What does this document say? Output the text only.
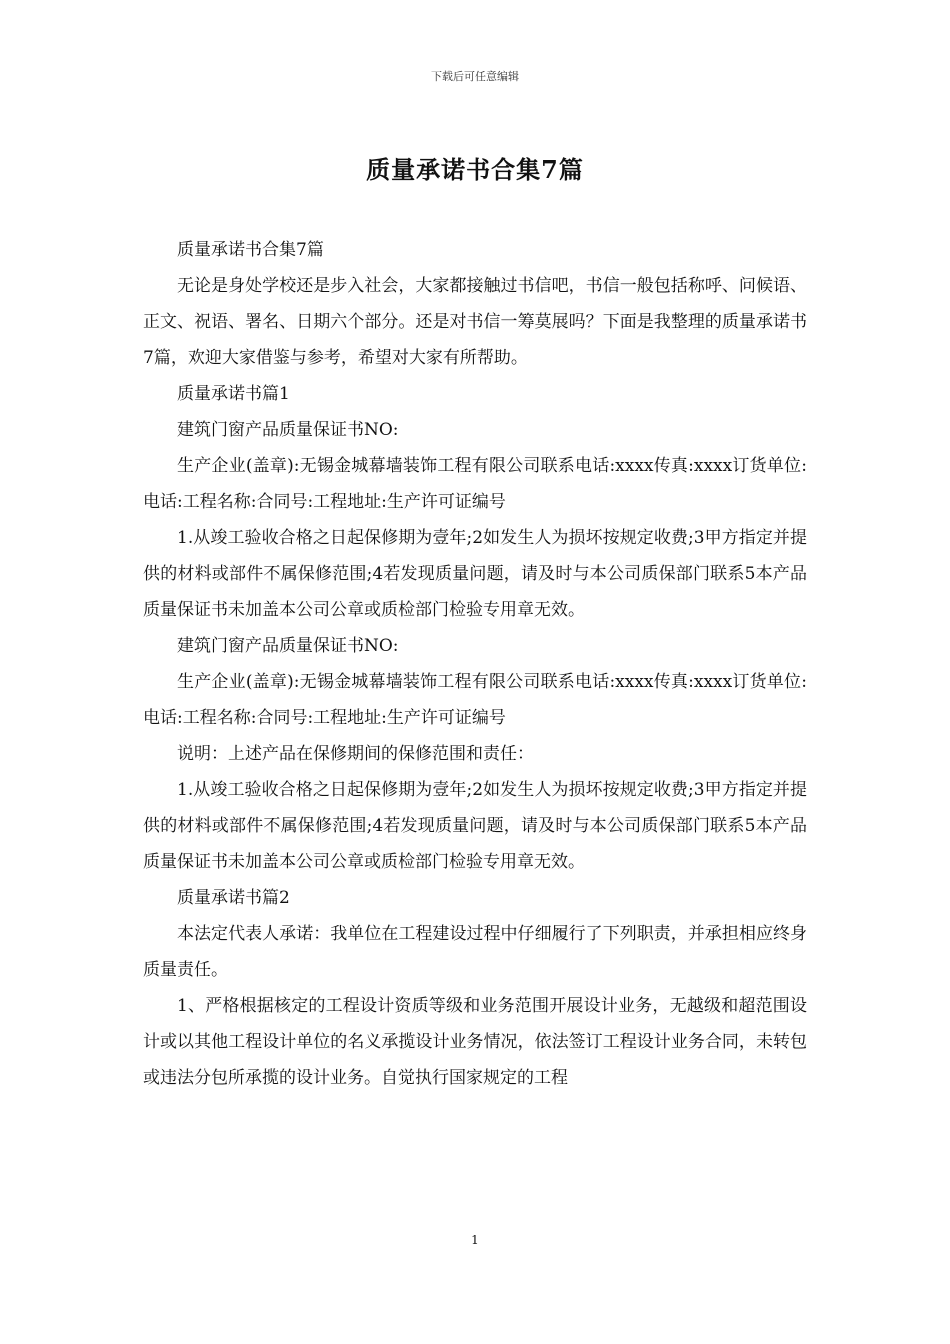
下载后可任意编辑
质量承诺书合集7篇

质量承诺书合集7篇

无论是身处学校还是步入社会，大家都接触过书信吧，书信一般包括称呼、问候语、正文、祝语、署名、日期六个部分。还是对书信一筹莫展吗？下面是我整理的质量承诺书7篇，欢迎大家借鉴与参考，希望对大家有所帮助。

质量承诺书篇1

建筑门窗产品质量保证书NO:

生产企业(盖章):无锡金城幕墙装饰工程有限公司联系电话:xxxx传真:xxxx订货单位:电话:工程名称:合同号:工程地址:生产许可证编号

1.从竣工验收合格之日起保修期为壹年;2如发生人为损坏按规定收费;3甲方指定并提供的材料或部件不属保修范围;4若发现质量问题，请及时与本公司质保部门联系5本产品质量保证书未加盖本公司公章或质检部门检验专用章无效。

建筑门窗产品质量保证书NO:

生产企业(盖章):无锡金城幕墙装饰工程有限公司联系电话:xxxx传真:xxxx订货单位:电话:工程名称:合同号:工程地址:生产许可证编号

说明：上述产品在保修期间的保修范围和责任：

1.从竣工验收合格之日起保修期为壹年;2如发生人为损坏按规定收费;3甲方指定并提供的材料或部件不属保修范围;4若发现质量问题，请及时与本公司质保部门联系5本产品质量保证书未加盖本公司公章或质检部门检验专用章无效。

质量承诺书篇2

本法定代表人承诺：我单位在工程建设过程中仔细履行了下列职责，并承担相应终身质量责任。

1、严格根据核定的工程设计资质等级和业务范围开展设计业务，无越级和超范围设计或以其他工程设计单位的名义承揽设计业务情况，依法签订工程设计业务合同，未转包或违法分包所承揽的设计业务。自觉执行国家规定的工程

1
